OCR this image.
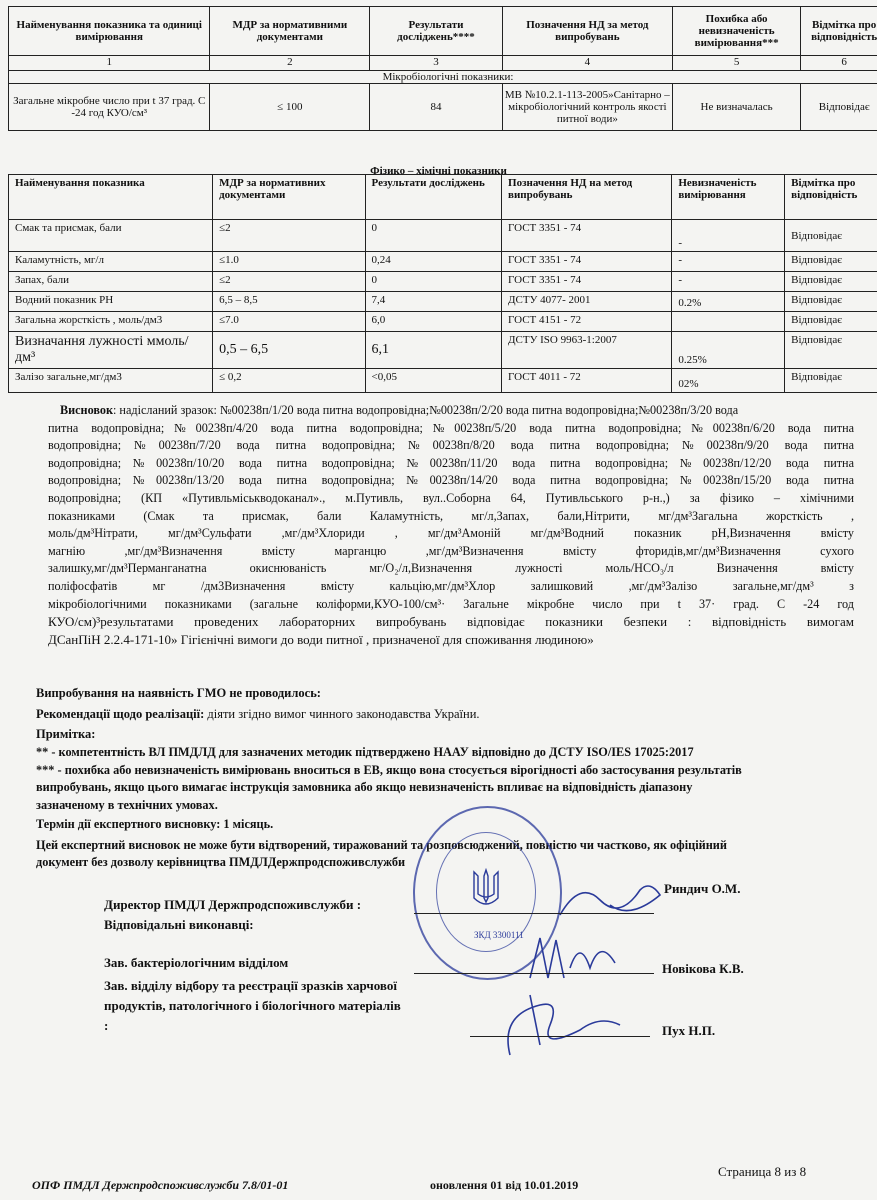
Найменування показника та одиниці вимірювання	МДР за нормативними документами	Результати досліджень****	Позначення НД за метод випробувань	Похибка або невизначеність вимірювання***	Відмітка про відповідність
1	2	3	4	5	6
Мікробіологічні показники:					
Загальне мікробне число при t 37 град. С -24 год КУО/см³	≤ 100	84	МВ №10.2.1-113-2005»Санітарно – мікробіологічний контроль якості питної води»	Не визначалась	Відповідає
Фізико – хімічні показники
Найменування показника	МДР за нормативних документами	Результати досліджень	Позначення НД на метод випробувань	Невизначеність вимірювання	Відмітка про відповідність
Смак та присмак, бали	≤2	0	ГОСТ 3351 - 74	-	Відповідає
Каламутність, мг/л	≤1.0	0,24	ГОСТ 3351 - 74	-	Відповідає
Запах, бали	≤2	0	ГОСТ 3351 - 74	-	Відповідає
Водний показник РН	6,5 – 8,5	7,4	ДСТУ 4077- 2001	0.2%	Відповідає
Загальна жорсткість , моль/дм3	≤7.0	6,0	ГОСТ 4151 - 72		Відповідає
Визначання лужності ммоль/дм³	0,5 – 6,5	6,1	ДСТУ ISO 9963-1:2007	0.25%	Відповідає
Залізо загальне,мг/дм3	≤ 0,2	<0,05	ГОСТ 4011 - 72	02%	Відповідає
Висновок: надісланий зразок: №00238п/1/20 вода питна водопровідна;№00238п/2/20 вода питна водопровідна;№00238п/3/20 вода
питна водопровідна;№00238п/4/20 вода питна водопровідна;№00238п/5/20 вода питна водопровідна;№00238п/6/20 вода питна
водопровідна;№00238п/7/20 вода питна водопровідна;№00238п/8/20 вода питна водопровідна;№00238п/9/20 вода питна
водопровідна;№00238п/10/20 вода питна водопровідна;№00238п/11/20 вода питна водопровідна;№00238п/12/20 вода питна
водопровідна;№00238п/13/20 вода питна водопровідна;№00238п/14/20 вода питна водопровідна;№00238п/15/20 вода питна
водопровідна; (КП «Путивльміськводоканал»., м.Путивль, вул..Соборна 64, Путивльського р-н.,) за фізико – хімічними
показниками (Смак та присмак, бали Каламутність, мг/л,Запах, бали,Нітрити, мг/дм³Загальна жорсткість ,
моль/дм³Нітрати, мг/дм³Сульфати ,мг/дм³Хлориди , мг/дм³Амоній мг/дм³Водний показник рН,Визначення вмісту
магнію ,мг/дм³Визначення вмісту марганцю ,мг/дм³Визначення вмісту фторидів,мг/дм³Визначення сухого
залишку,мг/дм³Перманганатна окиснюваність мг/О₂/л,Визначення лужності моль/НСО₃/л Визначення вмісту
поліфосфатів мг /дм3Визначення вмісту кальцію,мг/дм³Хлор залишковий ,мг/дм³Залізо загальне,мг/дм³ з
мікробіологічними показниками (загальне коліформи,КУО-100/см³· Загальне мікробне число при t 37· град. С -24 год
КУО/см)³результатами проведених лабораторних випробувань відповідає показники безпеки : відповідність вимогам
ДСанПіН 2.2.4-171-10» Гігієнічні вимоги до води питної , призначеної для споживання людиною»
Випробування на наявність ГМО не проводилось:
Рекомендації щодо реалізації: діяти згідно вимог чинного законодавства України.
Примітка:
** - компетентність ВЛ ПМДЛД для зазначених методик підтверджено НААУ відповідно до ДСТУ ISO/IES 17025:2017
*** - похибка або невизначеність вимірювань вноситься в ЕВ, якщо вона стосується вірогідності або застосування результатів
випробувань, якщо цього вимагає інструкція замовника або якщо невизначеність впливає на відповідність діапазону
зазначеному в технічних умовах.
Термін дії експертного висновку: 1 місяць.
Цей експертний висновок не може бути відтворений, тиражований та розповсюджений, повністю чи частково, як офіційний
документ без дозволу керівництва ПМДЛДержпродспоживслужби
ЗКД 3300111
Директор ПМДЛ Держпродспоживслужби :
Риндич О.М.
Відповідальні виконавці:
Зав. бактеріологічним відділом	Новікова К.В.
Зав. відділу відбору та реєстрації зразків харчової
продуктів, патологічного і біологічного матеріалів
:	Пух Н.П.
Страница 8 из 8
ОПФ ПМДЛ Держпродспоживслужби 7.8/01-01	оновлення 01 від 10.01.2019
